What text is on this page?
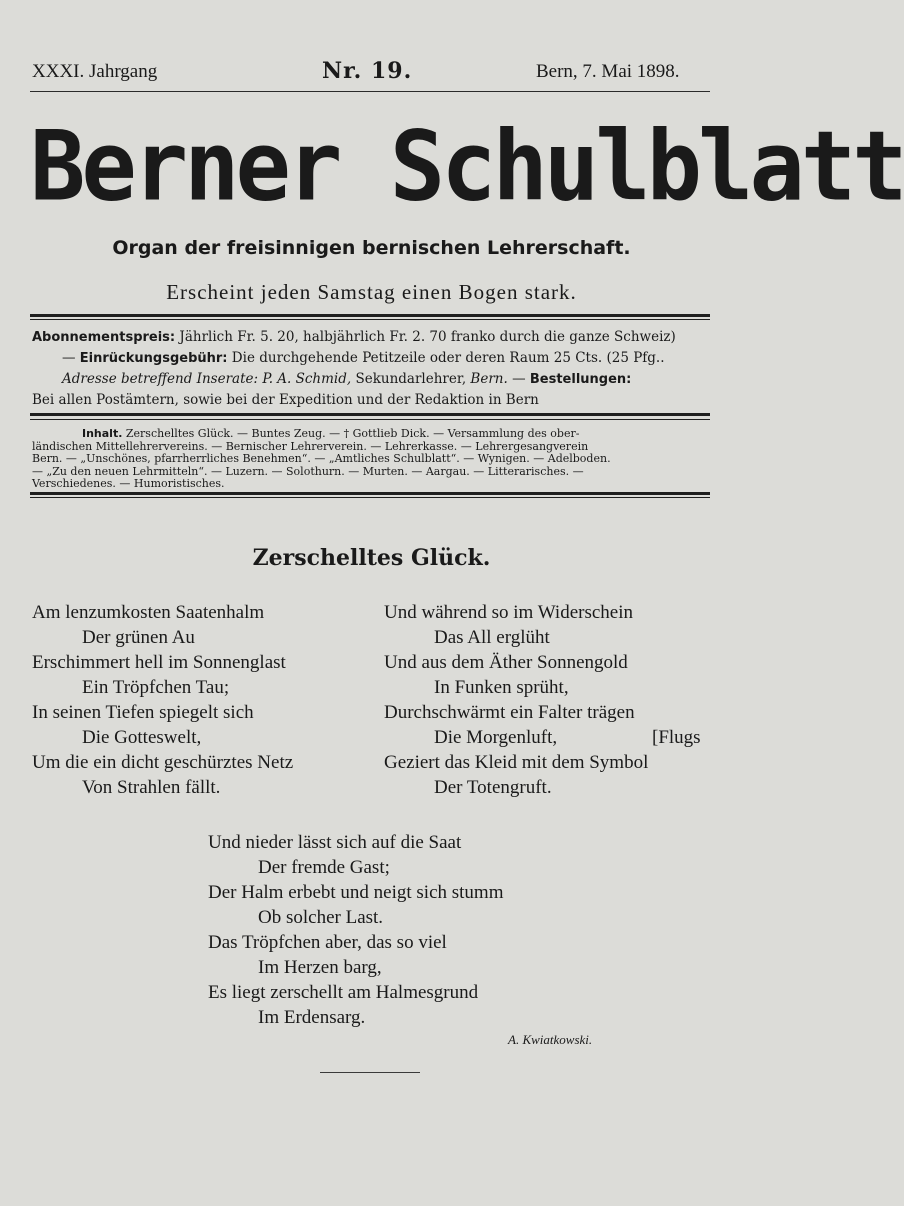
XXXI. Jahrgang	Nr. 19.	Bern, 7. Mai 1898.
Berner Schulblatt
Organ der freisinnigen bernischen Lehrerschaft.
Erscheint jeden Samstag einen Bogen stark.
Abonnementspreis: Jährlich Fr. 5. 20, halbjährlich Fr. 2. 70 franko durch die ganze Schweiz)
— Einrückungsgebühr: Die durchgehende Petitzeile oder deren Raum 25 Cts. (25 Pfg..
Adresse betreffend Inserate: P. A. Schmid, Sekundarlehrer, Bern. — Bestellungen:
Bei allen Postämtern, sowie bei der Expedition und der Redaktion in Bern
Inhalt. Zerschelltes Glück. — Buntes Zeug. — † Gottlieb Dick. — Versammlung des ober-
ländischen Mittellehrervereins. — Bernischer Lehrerverein. — Lehrerkasse. — Lehrergesangverein
Bern. — „Unschönes, pfarrherrliches Benehmen“. — „Amtliches Schulblatt“. — Wynigen. — Adelboden.
— „Zu den neuen Lehrmitteln“. — Luzern. — Solothurn. — Murten. — Aargau. — Litterarisches. —
Verschiedenes. — Humoristisches.
Zerschelltes Glück.
Am lenzumkosten Saatenhalm
Der grünen Au
Erschimmert hell im Sonnenglast
Ein Tröpfchen Tau;
In seinen Tiefen spiegelt sich
Die Gotteswelt,
Um die ein dicht geschürztes Netz
Von Strahlen fällt.
Und während so im Widerschein
Das All erglüht
Und aus dem Äther Sonnengold
In Funken sprüht,
Durchschwärmt ein Falter trägen
Die Morgenluft,	[Flugs
Geziert das Kleid mit dem Symbol
Der Totengruft.
Und nieder lässt sich auf die Saat
Der fremde Gast;
Der Halm erbebt und neigt sich stumm
Ob solcher Last.
Das Tröpfchen aber, das so viel
Im Herzen barg,
Es liegt zerschellt am Halmesgrund
Im Erdensarg.
A. Kwiatkowski.
